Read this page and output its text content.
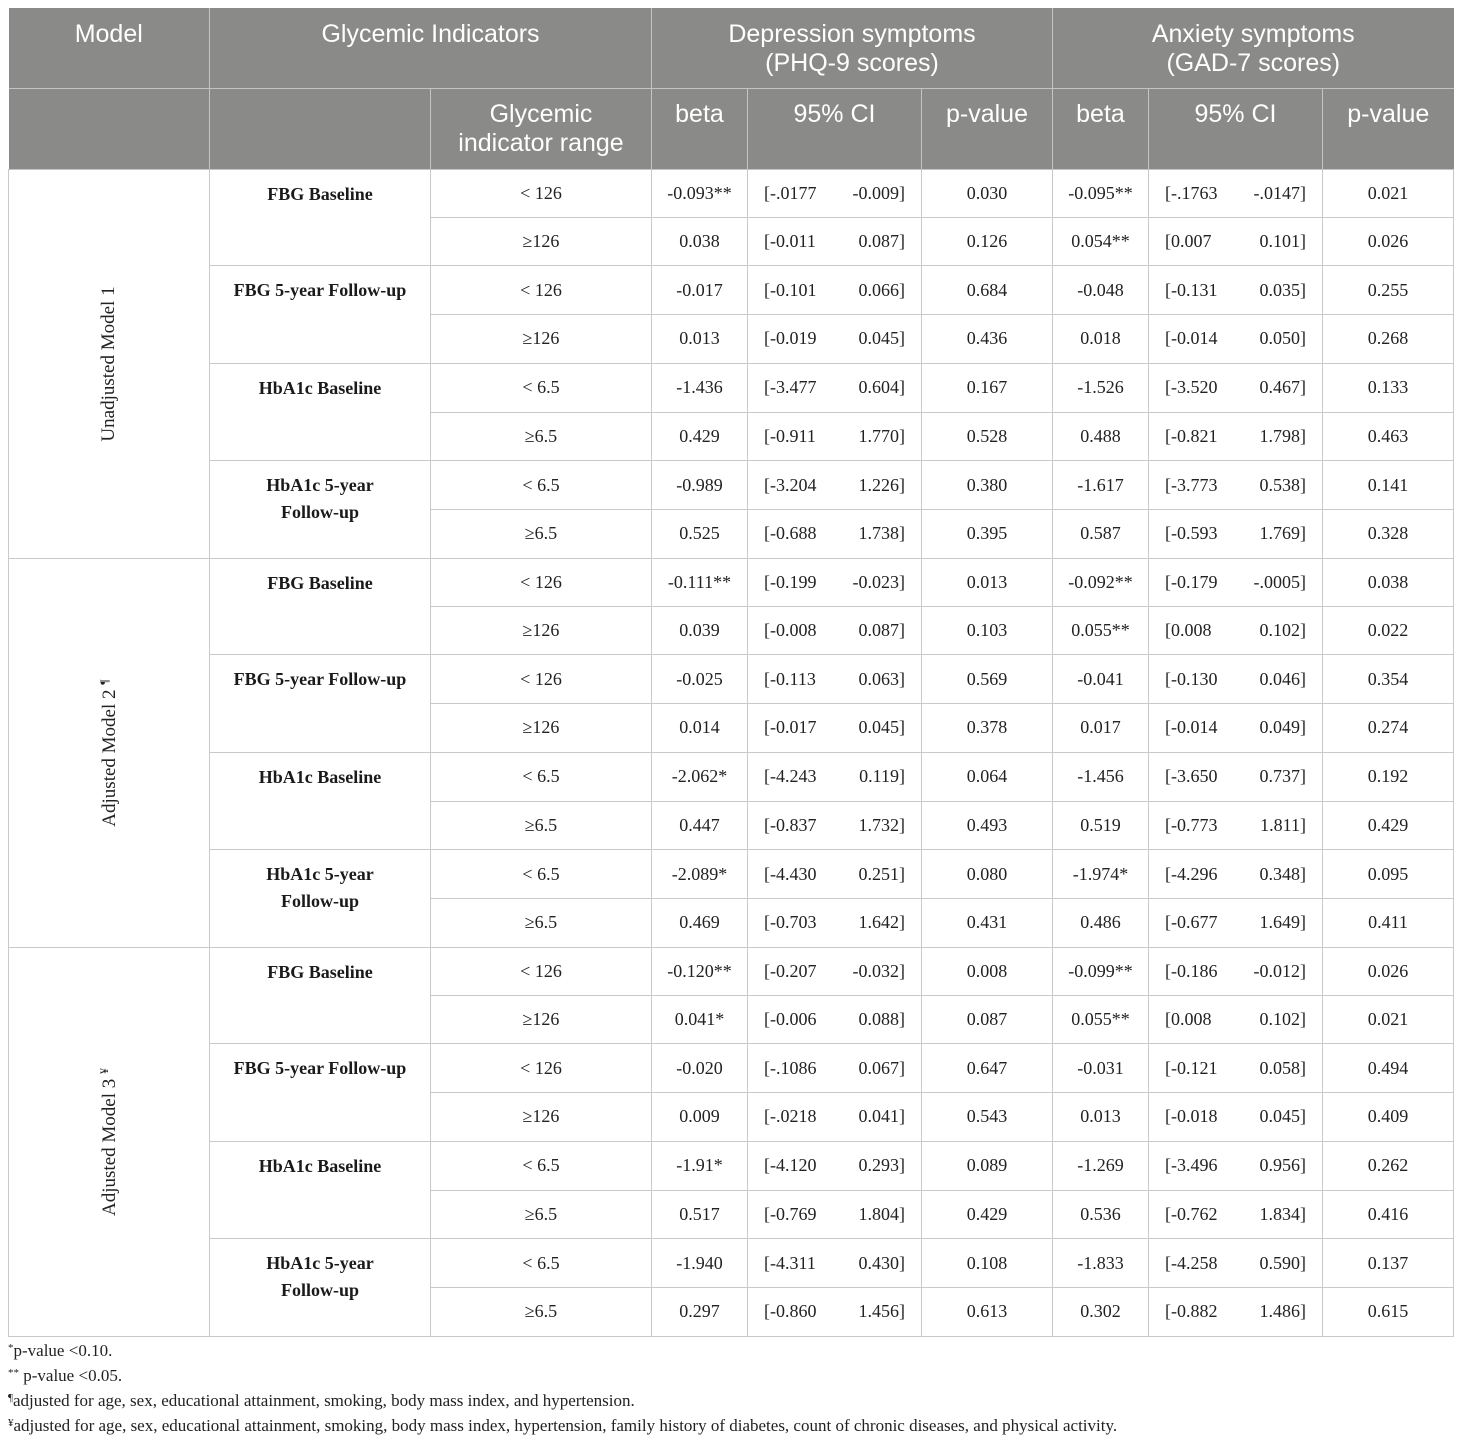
Model	Glycemic Indicators		Depression symptoms
(PHQ-9 scores)				Anxiety symptoms
(GAD-7 scores)			
		Glycemic
indicator range	beta	95% CI		p-value	beta	95% CI		p-value

Unadjusted Model 1	FBG Baseline	< 126	-0.093**	[-.0177	-0.009]	0.030	-0.095**	[-.1763	-.0147]	0.021
		≥126	0.038	[-0.011	0.087]	0.126	0.054**	[0.007	0.101]	0.026
	FBG 5-year Follow-up	< 126	-0.017	[-0.101	0.066]	0.684	-0.048	[-0.131	0.035]	0.255
		≥126	0.013	[-0.019	0.045]	0.436	0.018	[-0.014	0.050]	0.268
	HbA1c Baseline	< 6.5	-1.436	[-3.477	0.604]	0.167	-1.526	[-3.520	0.467]	0.133
		≥6.5	0.429	[-0.911	1.770]	0.528	0.488	[-0.821	1.798]	0.463
	HbA1c 5-year
Follow-up	< 6.5	-0.989	[-3.204	1.226]	0.380	-1.617	[-3.773	0.538]	0.141
		≥6.5	0.525	[-0.688	1.738]	0.395	0.587	[-0.593	1.769]	0.328

Adjusted Model 2 ¶	FBG Baseline	< 126	-0.111**	[-0.199	-0.023]	0.013	-0.092**	[-0.179	-.0005]	0.038
		≥126	0.039	[-0.008	0.087]	0.103	0.055**	[0.008	0.102]	0.022
	FBG 5-year Follow-up	< 126	-0.025	[-0.113	0.063]	0.569	-0.041	[-0.130	0.046]	0.354
		≥126	0.014	[-0.017	0.045]	0.378	0.017	[-0.014	0.049]	0.274
	HbA1c Baseline	< 6.5	-2.062*	[-4.243	0.119]	0.064	-1.456	[-3.650	0.737]	0.192
		≥6.5	0.447	[-0.837	1.732]	0.493	0.519	[-0.773	1.811]	0.429
	HbA1c 5-year
Follow-up	< 6.5	-2.089*	[-4.430	0.251]	0.080	-1.974*	[-4.296	0.348]	0.095
		≥6.5	0.469	[-0.703	1.642]	0.431	0.486	[-0.677	1.649]	0.411

Adjusted Model 3 ¥	FBG Baseline	< 126	-0.120**	[-0.207	-0.032]	0.008	-0.099**	[-0.186	-0.012]	0.026
		≥126	0.041*	[-0.006	0.088]	0.087	0.055**	[0.008	0.102]	0.021
	FBG 5-year Follow-up	< 126	-0.020	[-.1086	0.067]	0.647	-0.031	[-0.121	0.058]	0.494
		≥126	0.009	[-.0218	0.041]	0.543	0.013	[-0.018	0.045]	0.409
	HbA1c Baseline	< 6.5	-1.91*	[-4.120	0.293]	0.089	-1.269	[-3.496	0.956]	0.262
		≥6.5	0.517	[-0.769	1.804]	0.429	0.536	[-0.762	1.834]	0.416
	HbA1c 5-year
Follow-up	< 6.5	-1.940	[-4.311	0.430]	0.108	-1.833	[-4.258	0.590]	0.137
		≥6.5	0.297	[-0.860	1.456]	0.613	0.302	[-0.882	1.486]	0.615
*p-value <0.10.
** p-value <0.05.
¶adjusted for age, sex, educational attainment, smoking, body mass index, and hypertension.
¥adjusted for age, sex, educational attainment, smoking, body mass index, hypertension, family history of diabetes, count of chronic diseases, and physical activity.
